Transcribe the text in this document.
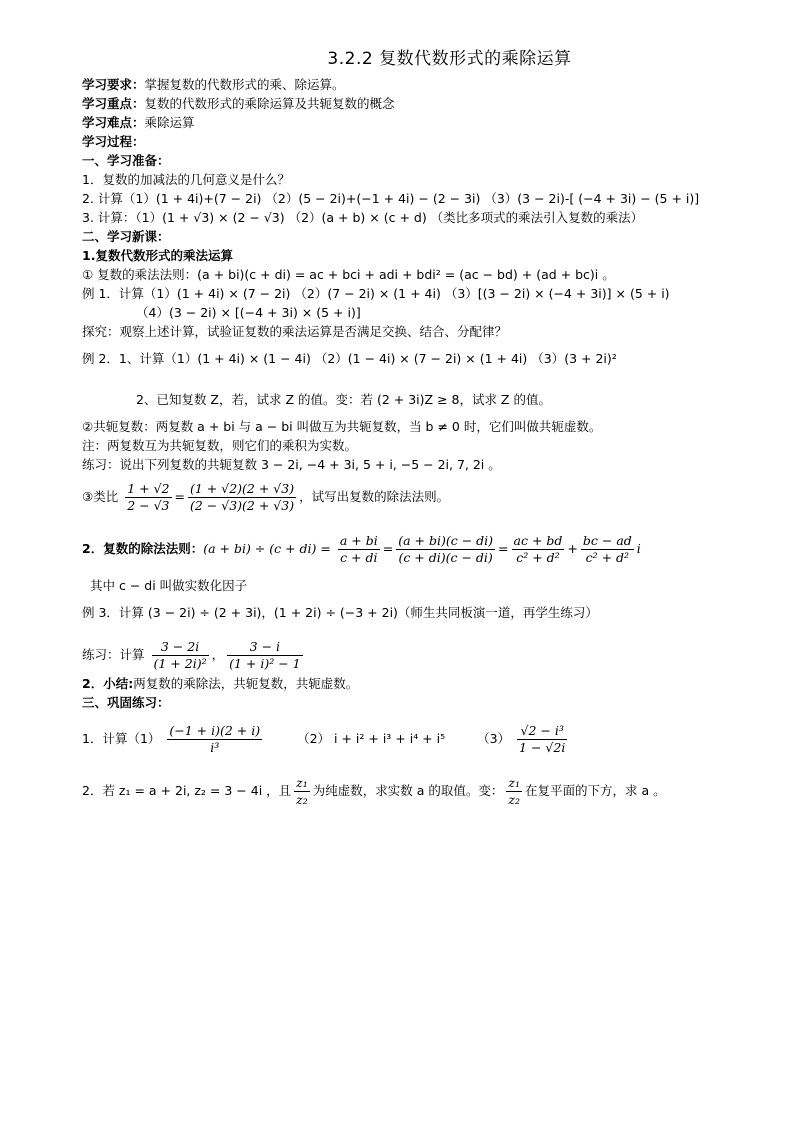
3.2.2 复数代数形式的乘除运算
学习要求：掌握复数的代数形式的乘、除运算。
学习重点：复数的代数形式的乘除运算及共轭复数的概念
学习难点：乘除运算
学习过程：
一、学习准备：
1．复数的加减法的几何意义是什么？
2. 计算（1）(1 + 4i)+(7 − 2i) （2）(5 − 2i)+(−1 + 4i) − (2 − 3i) （3）(3 − 2i)-[ (−4 + 3i) − (5 + i)]
3. 计算：（1）(1 + √3) × (2 − √3) （2）(a + b) × (c + d) （类比多项式的乘法引入复数的乘法）
二、学习新课：
1.复数代数形式的乘法运算
① 复数的乘法法则：(a + bi)(c + di) = ac + bci + adi + bdi² = (ac − bd) + (ad + bc)i 。
例 1．计算（1）(1 + 4i) × (7 − 2i) （2）(7 − 2i) × (1 + 4i) （3）[(3 − 2i) × (−4 + 3i)] × (5 + i)
（4）(3 − 2i) × [(−4 + 3i) × (5 + i)]
探究：观察上述计算，试验证复数的乘法运算是否满足交换、结合、分配律？
例 2．1、计算（1）(1 + 4i) × (1 − 4i) （2）(1 − 4i) × (7 − 2i) × (1 + 4i) （3）(3 + 2i)²
2、已知复数 Z，若，试求 Z 的值。变：若 (2 + 3i)Z ≥ 8，试求 Z 的值。
②共轭复数：两复数 a + bi 与 a − bi 叫做互为共轭复数，当 b ≠ 0 时，它们叫做共轭虚数。
注：两复数互为共轭复数，则它们的乘积为实数。
练习：说出下列复数的共轭复数 3 − 2i, −4 + 3i, 5 + i, −5 − 2i, 7, 2i 。
③类比 $\frac{1 + √2}{2 - √3} = \frac{(1 + √2)(2 + √3)}{(2 - √3)(2 + √3)}$ ，试写出复数的除法法则。
2．复数的除法法则：$(a + bi) \div (c + di) = \frac{a + bi}{c + di} = \frac{(a + bi)(c - di)}{(c + di)(c - di)} = \frac{ac + bd}{\text{c² + d²}} + \frac{bc - ad}{\text{c² + d²}}$ i
其中 c − di 叫做实数化因子
例 3．计算 (3 − 2i) ÷ (2 + 3i)，(1 + 2i) ÷ (−3 + 2i)（师生共同板演一道，再学生练习）
练习：计算 $\frac{3 - 2i}{\text{(1 + 2i)²}}$ ， $\frac{3 - i}{\text{(1 + i)² − 1}}$
2．小结:两复数的乘除法，共轭复数，共轭虚数。
三、巩固练习：
1．计算$(1) \frac{(-1 + i)(2 + i)}{\text{i³}}$	（2） i + i² + i³ + i⁴ + i⁵	$(3) \frac{\text{√2 − i³}}{1 - √2i}$
2．若 z₁ = a + 2i, z₂ = 3 − 4i ，且 $\frac{\text{z₁}}{\text{z₂}}$ 为纯虚数，求实数 a 的取值。变： $\frac{\text{z₁}}{\text{z₂}}$ 在复平面的下方，求 a 。
